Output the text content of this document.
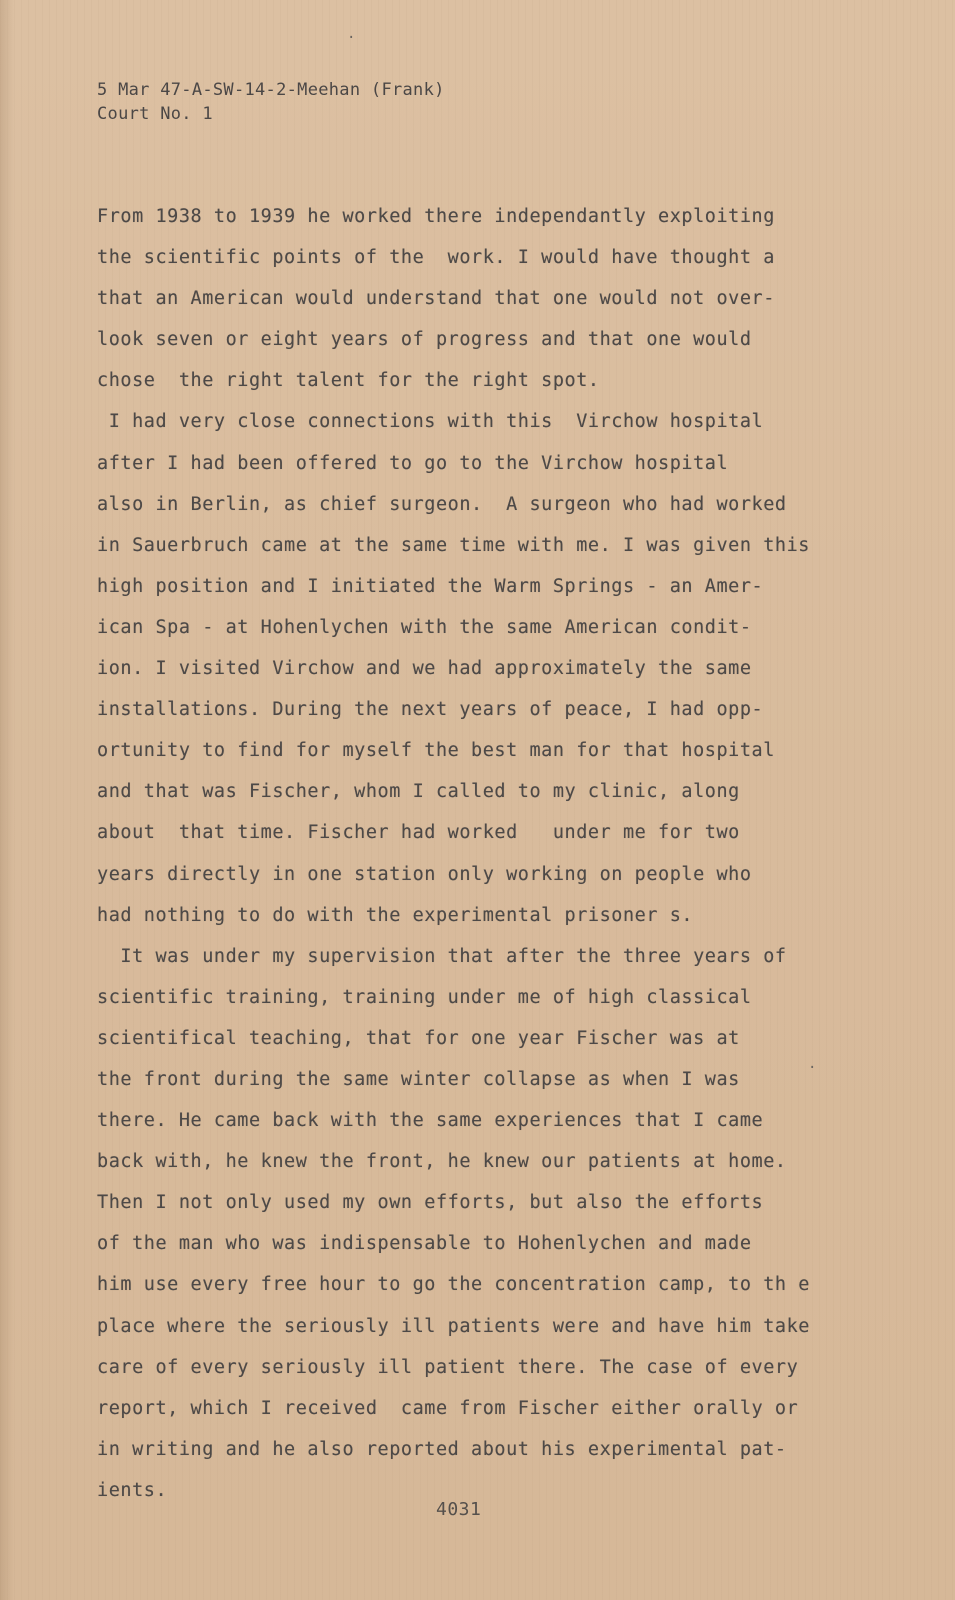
5 Mar 47-A-SW-14-2-Meehan (Frank)
Court No. 1
From 1938 to 1939 he worked there independantly exploiting
the scientific points of the  work. I would have thought a
that an American would understand that one would not over-
look seven or eight years of progress and that one would
chose  the right talent for the right spot.
I had very close connections with this  Virchow hospital
after I had been offered to go to the Virchow hospital
also in Berlin, as chief surgeon.  A surgeon who had worked
in Sauerbruch came at the same time with me. I was given this
high position and I initiated the Warm Springs - an Amer-
ican Spa - at Hohenlychen with the same American condit-
ion. I visited Virchow and we had approximately the same
installations. During the next years of peace, I had opp-
ortunity to find for myself the best man for that hospital
and that was Fischer, whom I called to my clinic, along
about  that time. Fischer had worked   under me for two
years directly in one station only working on people who
had nothing to do with the experimental prisoner s.
It was under my supervision that after the three years of
scientific training, training under me of high classical
scientifical teaching, that for one year Fischer was at
the front during the same winter collapse as when I was
there. He came back with the same experiences that I came
back with, he knew the front, he knew our patients at home.
Then I not only used my own efforts, but also the efforts
of the man who was indispensable to Hohenlychen and made
him use every free hour to go the concentration camp, to th e
place where the seriously ill patients were and have him take
care of every seriously ill patient there. The case of every
report, which I received  came from Fischer either orally or
in writing and he also reported about his experimental pat-
ients.
4031
·
·
